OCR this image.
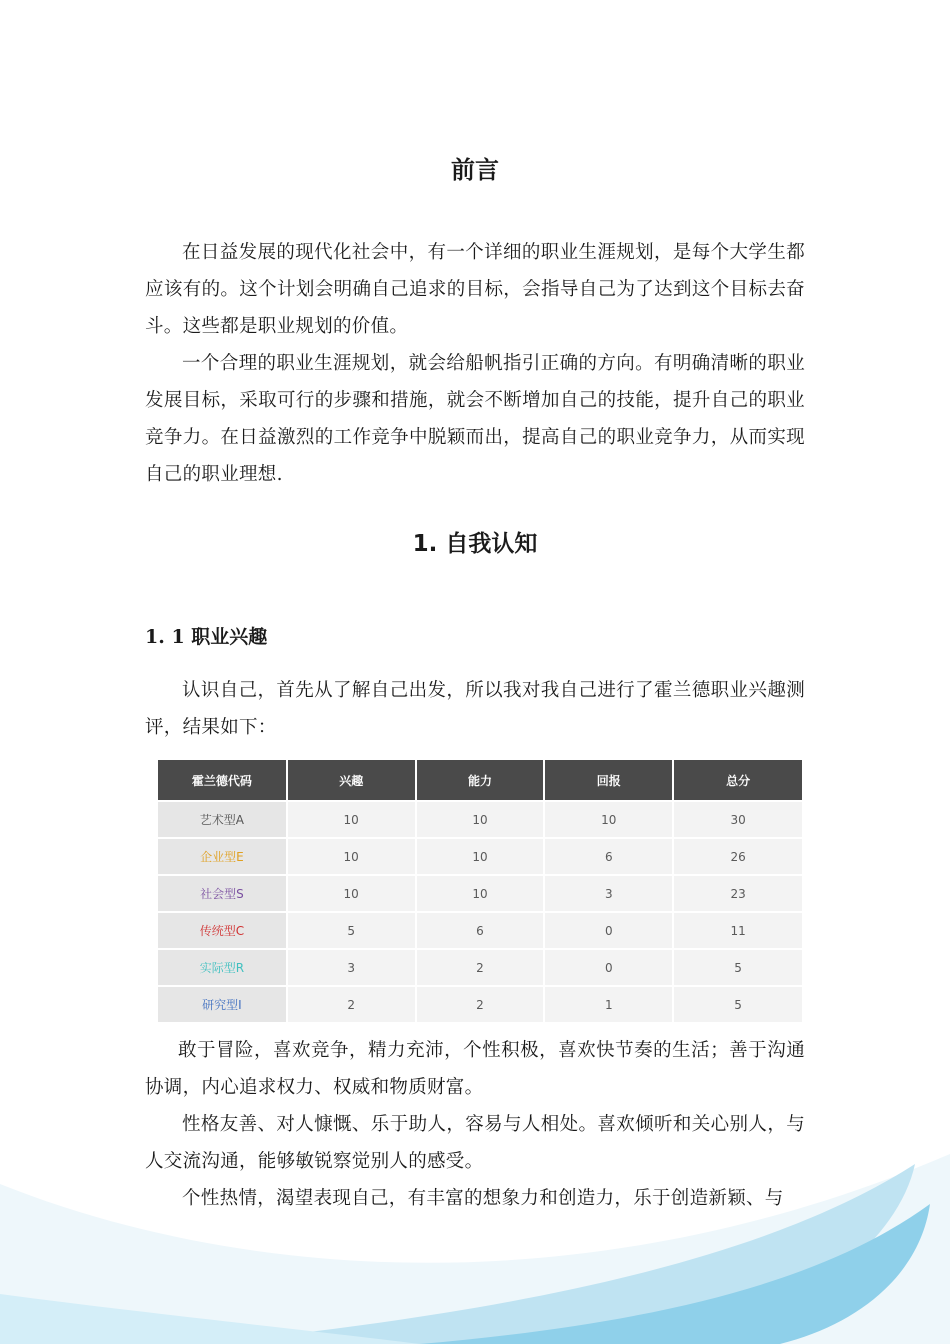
前言

在日益发展的现代化社会中，有一个详细的职业生涯规划，是每个大学生都应该有的。这个计划会明确自己追求的目标，会指导自己为了达到这个目标去奋斗。这些都是职业规划的价值。

一个合理的职业生涯规划，就会给船帆指引正确的方向。有明确清晰的职业发展目标，采取可行的步骤和措施，就会不断增加自己的技能，提升自己的职业竞争力。在日益激烈的工作竞争中脱颖而出，提高自己的职业竞争力，从而实现自己的职业理想.

1. 自我认知
1. 1 职业兴趣

认识自己，首先从了解自己出发，所以我对我自己进行了霍兰德职业兴趣测评，结果如下：

霍兰德代码	兴趣	能力	回报	总分
艺术型A	10	10	10	30
企业型E	10	10	6	26
社会型S	10	10	3	23
传统型C	5	6	0	11
实际型R	3	2	0	5
研究型I	2	2	1	5

敢于冒险，喜欢竞争，精力充沛，个性积极，喜欢快节奏的生活；善于沟通协调，内心追求权力、权威和物质财富。

性格友善、对人慷慨、乐于助人，容易与人相处。喜欢倾听和关心别人，与人交流沟通，能够敏锐察觉别人的感受。

个性热情，渴望表现自己，有丰富的想象力和创造力，乐于创造新颖、与
